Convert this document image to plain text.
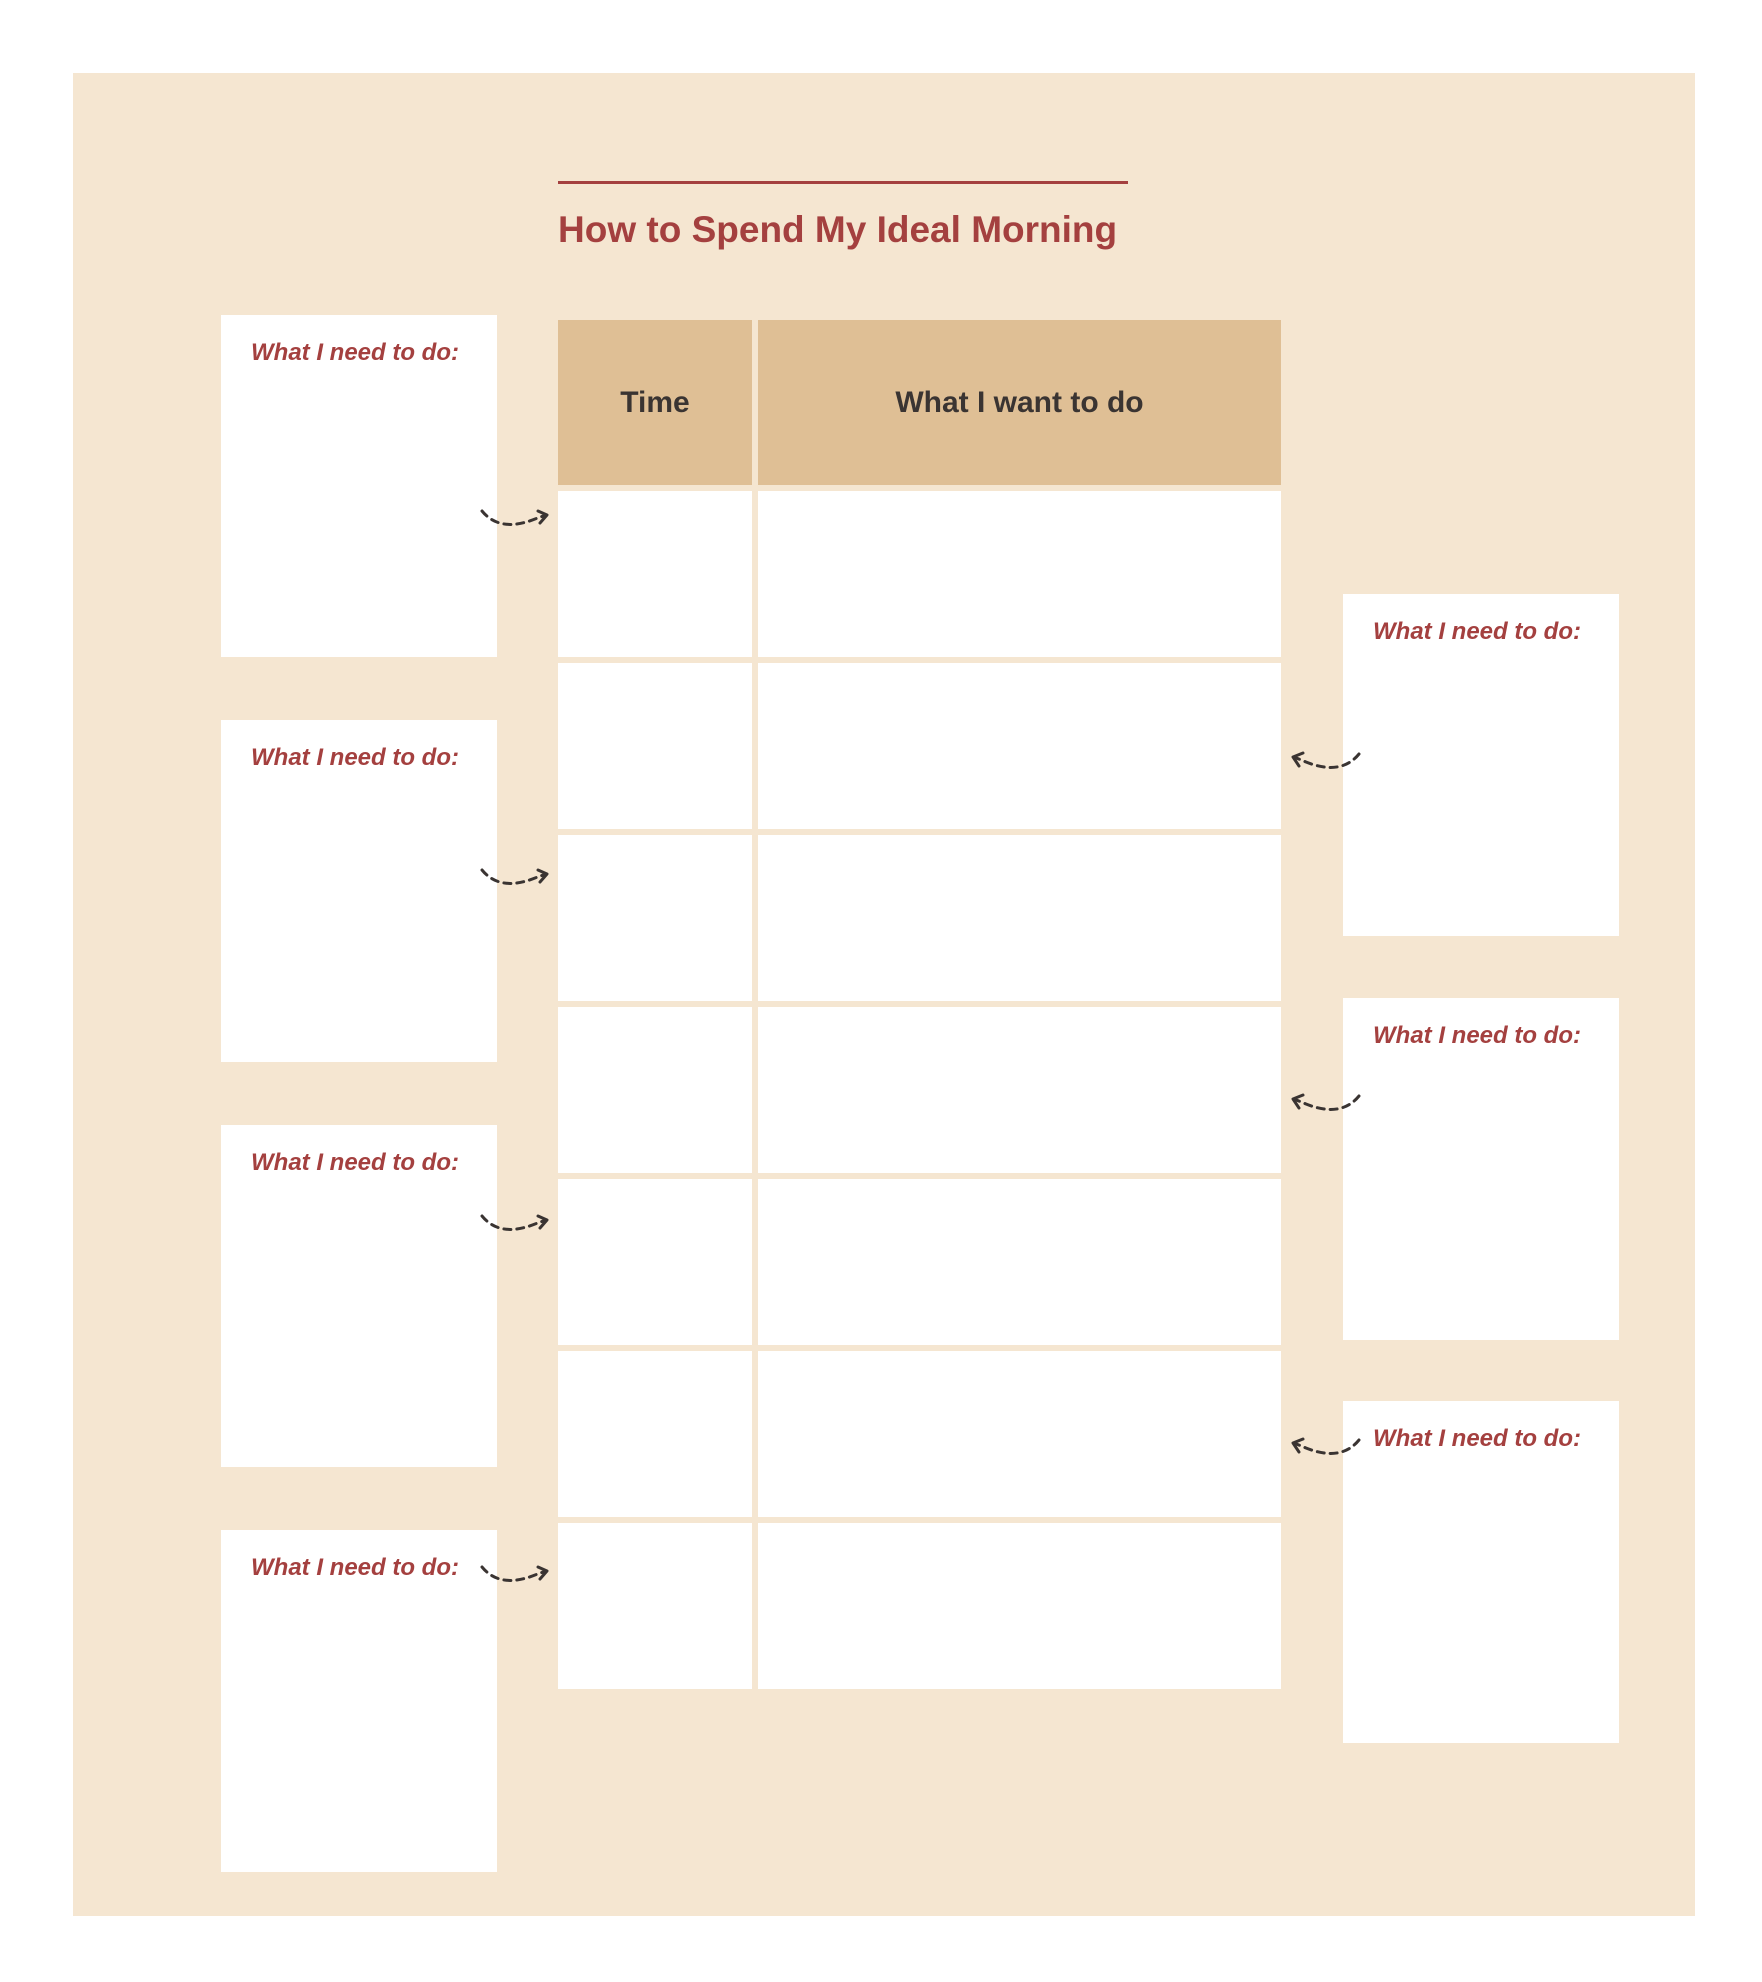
How to Spend My Ideal Morning
Time	What I want to do
What I need to do:
What I need to do:
What I need to do:
What I need to do:
What I need to do:
What I need to do:
What I need to do:
